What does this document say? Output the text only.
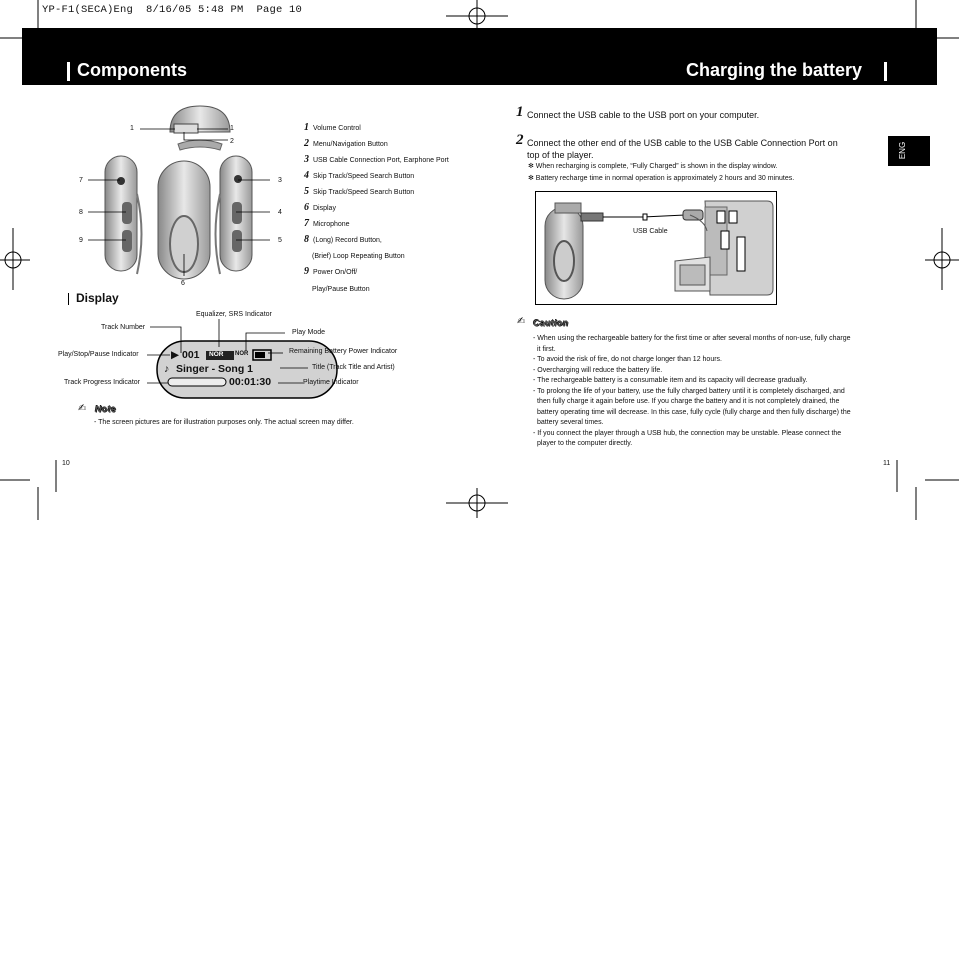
YP-F1(SECA)Eng  8/16/05 5:48 PM  Page 10
Components	Charging the battery
ENG
1	1
2
7	3
8	4
9	5
6
1 Volume Control
2 Menu/Navigation Button
3 USB Cable Connection Port, Earphone Port
4 Skip Track/Speed Search Button
5 Skip Track/Speed Search Button
6 Display
7 Microphone
8 (Long) Record Button,
(Brief) Loop Repeating Button
9 Power On/Off/
Play/Pause Button
Display
Equalizer, SRS Indicator
Track Number
Play Mode
Play/Stop/Pause Indicator	Remaining Battery Power Indicator
Title (Track Title and Artist)
Track Progress Indicator	Playtime Indicator
▶ 001 NOR NOR
♪ Singer - Song 1
00:01:30
✍ Note
- The screen pictures are for illustration purposes only. The actual screen may differ.
10
1 Connect the USB cable to the USB port on your computer.
2 Connect the other end of the USB cable to the USB Cable Connection Port on
top of the player.
✻ When recharging is complete, “Fully Charged” is shown in the display window.
✻ Battery recharge time in normal operation is approximately 2 hours and 30 minutes.
USB Cable
✍ Caution
- When using the rechargeable battery for the first time or after several months of non-use, fully charge
it first.
- To avoid the risk of fire, do not charge longer than 12 hours.
- Overcharging will reduce the battery life.
- The rechargeable battery is a consumable item and its capacity will decrease gradually.
- To prolong the life of your battery, use the fully charged battery until it is completely discharged, and
then fully charge it again before use. If you charge the battery and it is not completely drained, the
battery operating time will decrease. In this case, fully cycle (fully charge and then fully discharge) the
battery several times.
- If you connect the player through a USB hub, the connection may be unstable. Please connect the
player to the computer directly.
11
